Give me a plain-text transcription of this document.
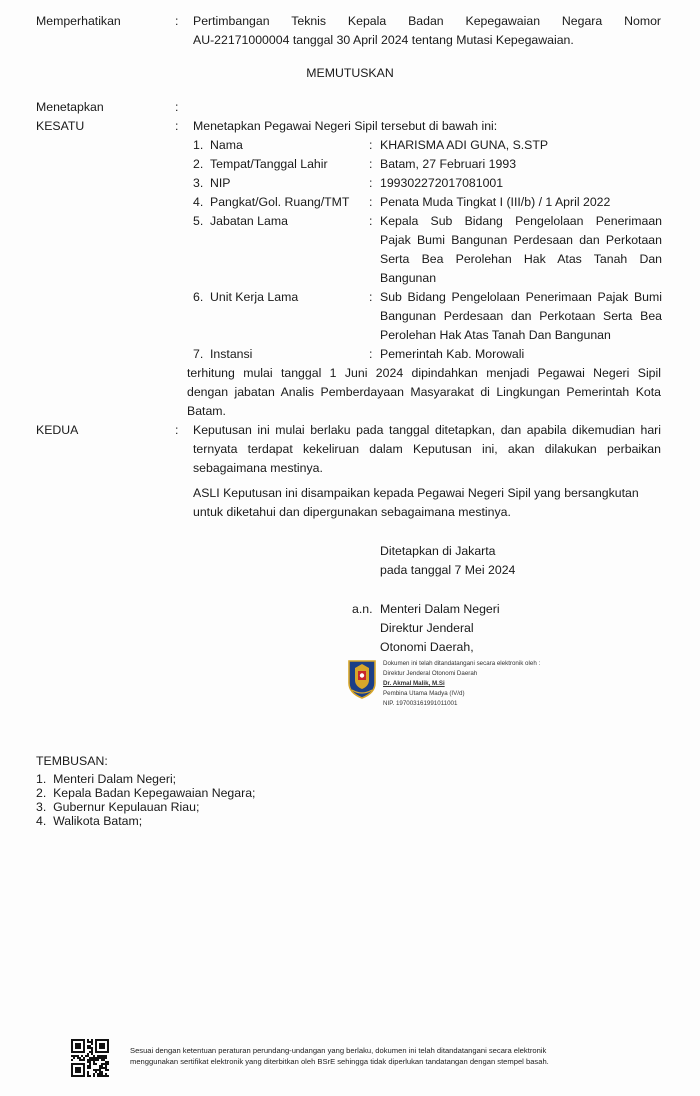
Memperhatikan	: Pertimbangan Teknis Kepala Badan Kepegawaian Negara Nomor
AU-22171000004 tanggal 30 April 2024 tentang Mutasi Kepegawaian.
MEMUTUSKAN
Menetapkan	:
KESATU	: Menetapkan Pegawai Negeri Sipil tersebut di bawah ini:
1. Nama	: KHARISMA ADI GUNA, S.STP
2. Tempat/Tanggal Lahir	: Batam, 27 Februari 1993
3. NIP	: 199302272017081001
4. Pangkat/Gol. Ruang/TMT : Penata Muda Tingkat I (III/b) / 1 April 2022
5. Jabatan Lama	: Kepala Sub Bidang Pengelolaan Penerimaan
Pajak Bumi Bangunan Perdesaan dan Perkotaan
Serta Bea Perolehan Hak Atas Tanah Dan
Bangunan
6. Unit Kerja Lama	: Sub Bidang Pengelolaan Penerimaan Pajak Bumi
Bangunan Perdesaan dan Perkotaan Serta Bea
Perolehan Hak Atas Tanah Dan Bangunan
7. Instansi	: Pemerintah Kab. Morowali
terhitung mulai tanggal 1 Juni 2024 dipindahkan menjadi Pegawai Negeri Sipil
dengan jabatan Analis Pemberdayaan Masyarakat di Lingkungan Pemerintah Kota
Batam.
KEDUA	: Keputusan ini mulai berlaku pada tanggal ditetapkan, dan apabila dikemudian hari
ternyata terdapat kekeliruan dalam Keputusan ini, akan dilakukan perbaikan
sebagaimana mestinya.
ASLI Keputusan ini disampaikan kepada Pegawai Negeri Sipil yang bersangkutan
untuk diketahui dan dipergunakan sebagaimana mestinya.
Ditetapkan di Jakarta
pada tanggal 7 Mei 2024
a.n. Menteri Dalam Negeri
Direktur Jenderal
Otonomi Daerah,
Dokumen ini telah ditandatangani secara elektronik oleh :
Direktur Jenderal Otonomi Daerah
Dr. Akmal Malik, M.Si
Pembina Utama Madya (IV/d)
NIP. 197003161991011001
TEMBUSAN:
1.  Menteri Dalam Negeri;
2.  Kepala Badan Kepegawaian Negara;
3.  Gubernur Kepulauan Riau;
4.  Walikota Batam;
Sesuai dengan ketentuan peraturan perundang-undangan yang berlaku, dokumen ini telah ditandatangani secara elektronik
menggunakan sertifikat elektronik yang diterbitkan oleh BSrE sehingga tidak diperlukan tandatangan dengan stempel basah.
